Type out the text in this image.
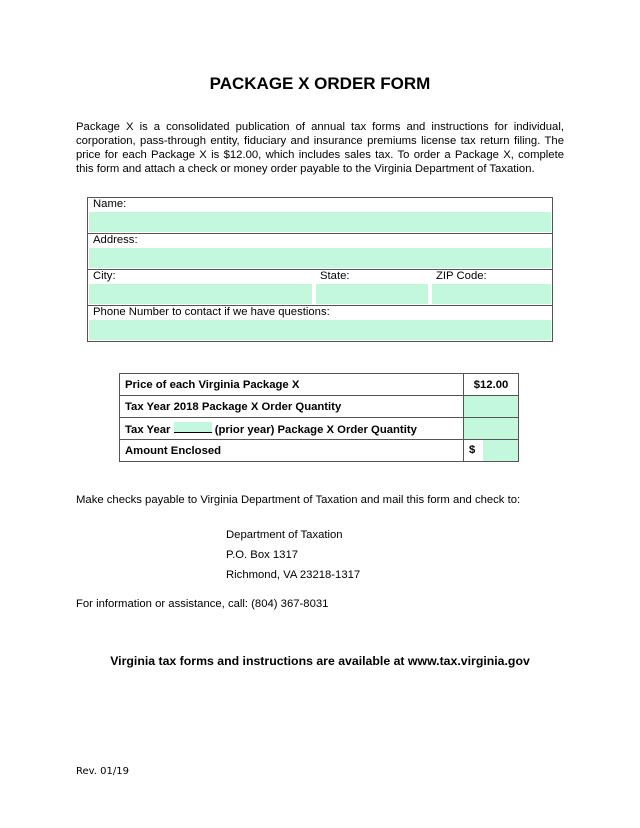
PACKAGE X ORDER FORM
Package X is a consolidated publication of annual tax forms and instructions for individual, corporation, pass-through entity, fiduciary and insurance premiums license tax return filing. The price for each Package X is $12.00, which includes sales tax. To order a Package X, complete this form and attach a check or money order payable to the Virginia Department of Taxation.
Name:
Address:
City:	State:	ZIP Code:
Phone Number to contact if we have questions:
Price of each Virginia Package X	$12.00
Tax Year 2018 Package X Order Quantity	
Tax Year (prior year) Package X Order Quantity	
Amount Enclosed	$
Make checks payable to Virginia Department of Taxation and mail this form and check to:
Department of Taxation
P.O. Box 1317
Richmond, VA 23218-1317
For information or assistance, call: (804) 367-8031
Virginia tax forms and instructions are available at www.tax.virginia.gov
Rev. 01/19
